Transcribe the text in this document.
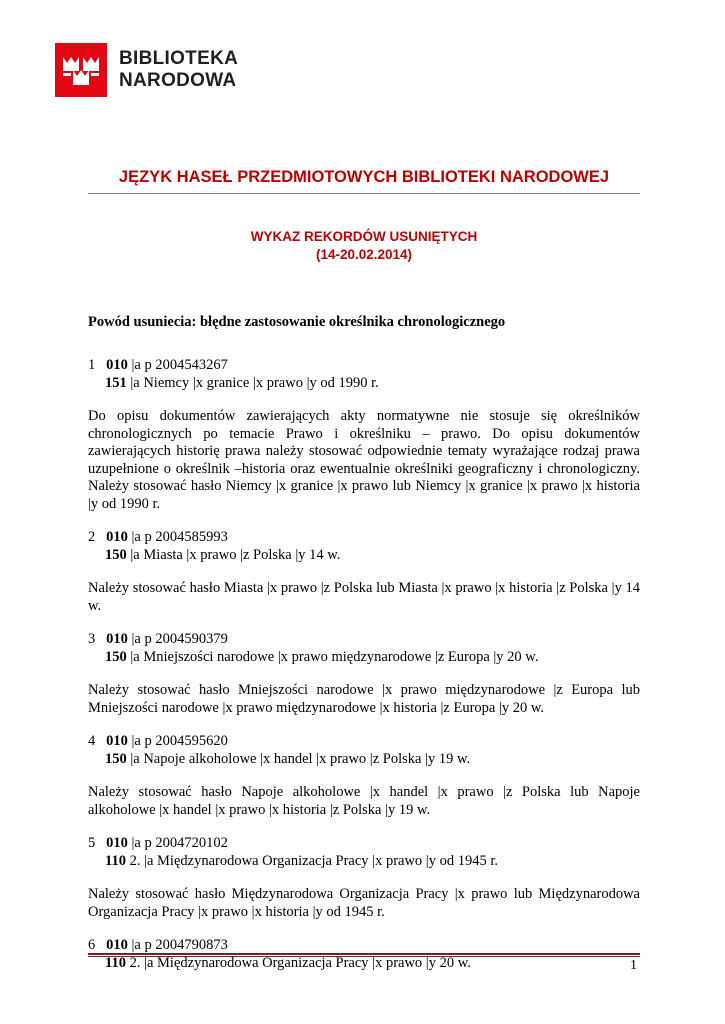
BIBLIOTEKA
NARODOWA
JĘZYK HASEŁ PRZEDMIOTOWYCH BIBLIOTEKI NARODOWEJ
WYKAZ REKORDÓW USUNIĘTYCH
(14-20.02.2014)
Powód usuniecia: błędne zastosowanie określnika chronologicznego
1 010 |a p 2004543267
151 |a Niemcy |x granice |x prawo |y od 1990 r.

Do opisu dokumentów zawierających akty normatywne nie stosuje się określników chronologicznych po temacie Prawo i określniku – prawo. Do opisu dokumentów zawierających historię prawa należy stosować odpowiednie tematy wyrażające rodzaj prawa uzupełnione o określnik –historia oraz ewentualnie określniki geograficzny i chronologiczny. Należy stosować hasło Niemcy |x granice |x prawo lub Niemcy |x granice |x prawo |x historia |y od 1990 r.

2 010 |a p 2004585993
150 |a Miasta |x prawo |z Polska |y 14 w.

Należy stosować hasło Miasta |x prawo |z Polska lub Miasta |x prawo |x historia |z Polska |y 14 w.

3 010 |a p 2004590379
150 |a Mniejszości narodowe |x prawo międzynarodowe |z Europa |y 20 w.

Należy stosować hasło Mniejszości narodowe |x prawo międzynarodowe |z Europa lub Mniejszości narodowe |x prawo międzynarodowe |x historia |z Europa |y 20 w.

4 010 |a p 2004595620
150 |a Napoje alkoholowe |x handel |x prawo |z Polska |y 19 w.

Należy stosować hasło Napoje alkoholowe |x handel |x prawo |z Polska lub Napoje alkoholowe |x handel |x prawo |x historia |z Polska |y 19 w.

5 010 |a p 2004720102
110 2. |a Międzynarodowa Organizacja Pracy |x prawo |y od 1945 r.

Należy stosować hasło Międzynarodowa Organizacja Pracy |x prawo lub Międzynarodowa Organizacja Pracy |x prawo |x historia |y od 1945 r.

6 010 |a p 2004790873
110 2. |a Międzynarodowa Organizacja Pracy |x prawo |y 20 w.	1
